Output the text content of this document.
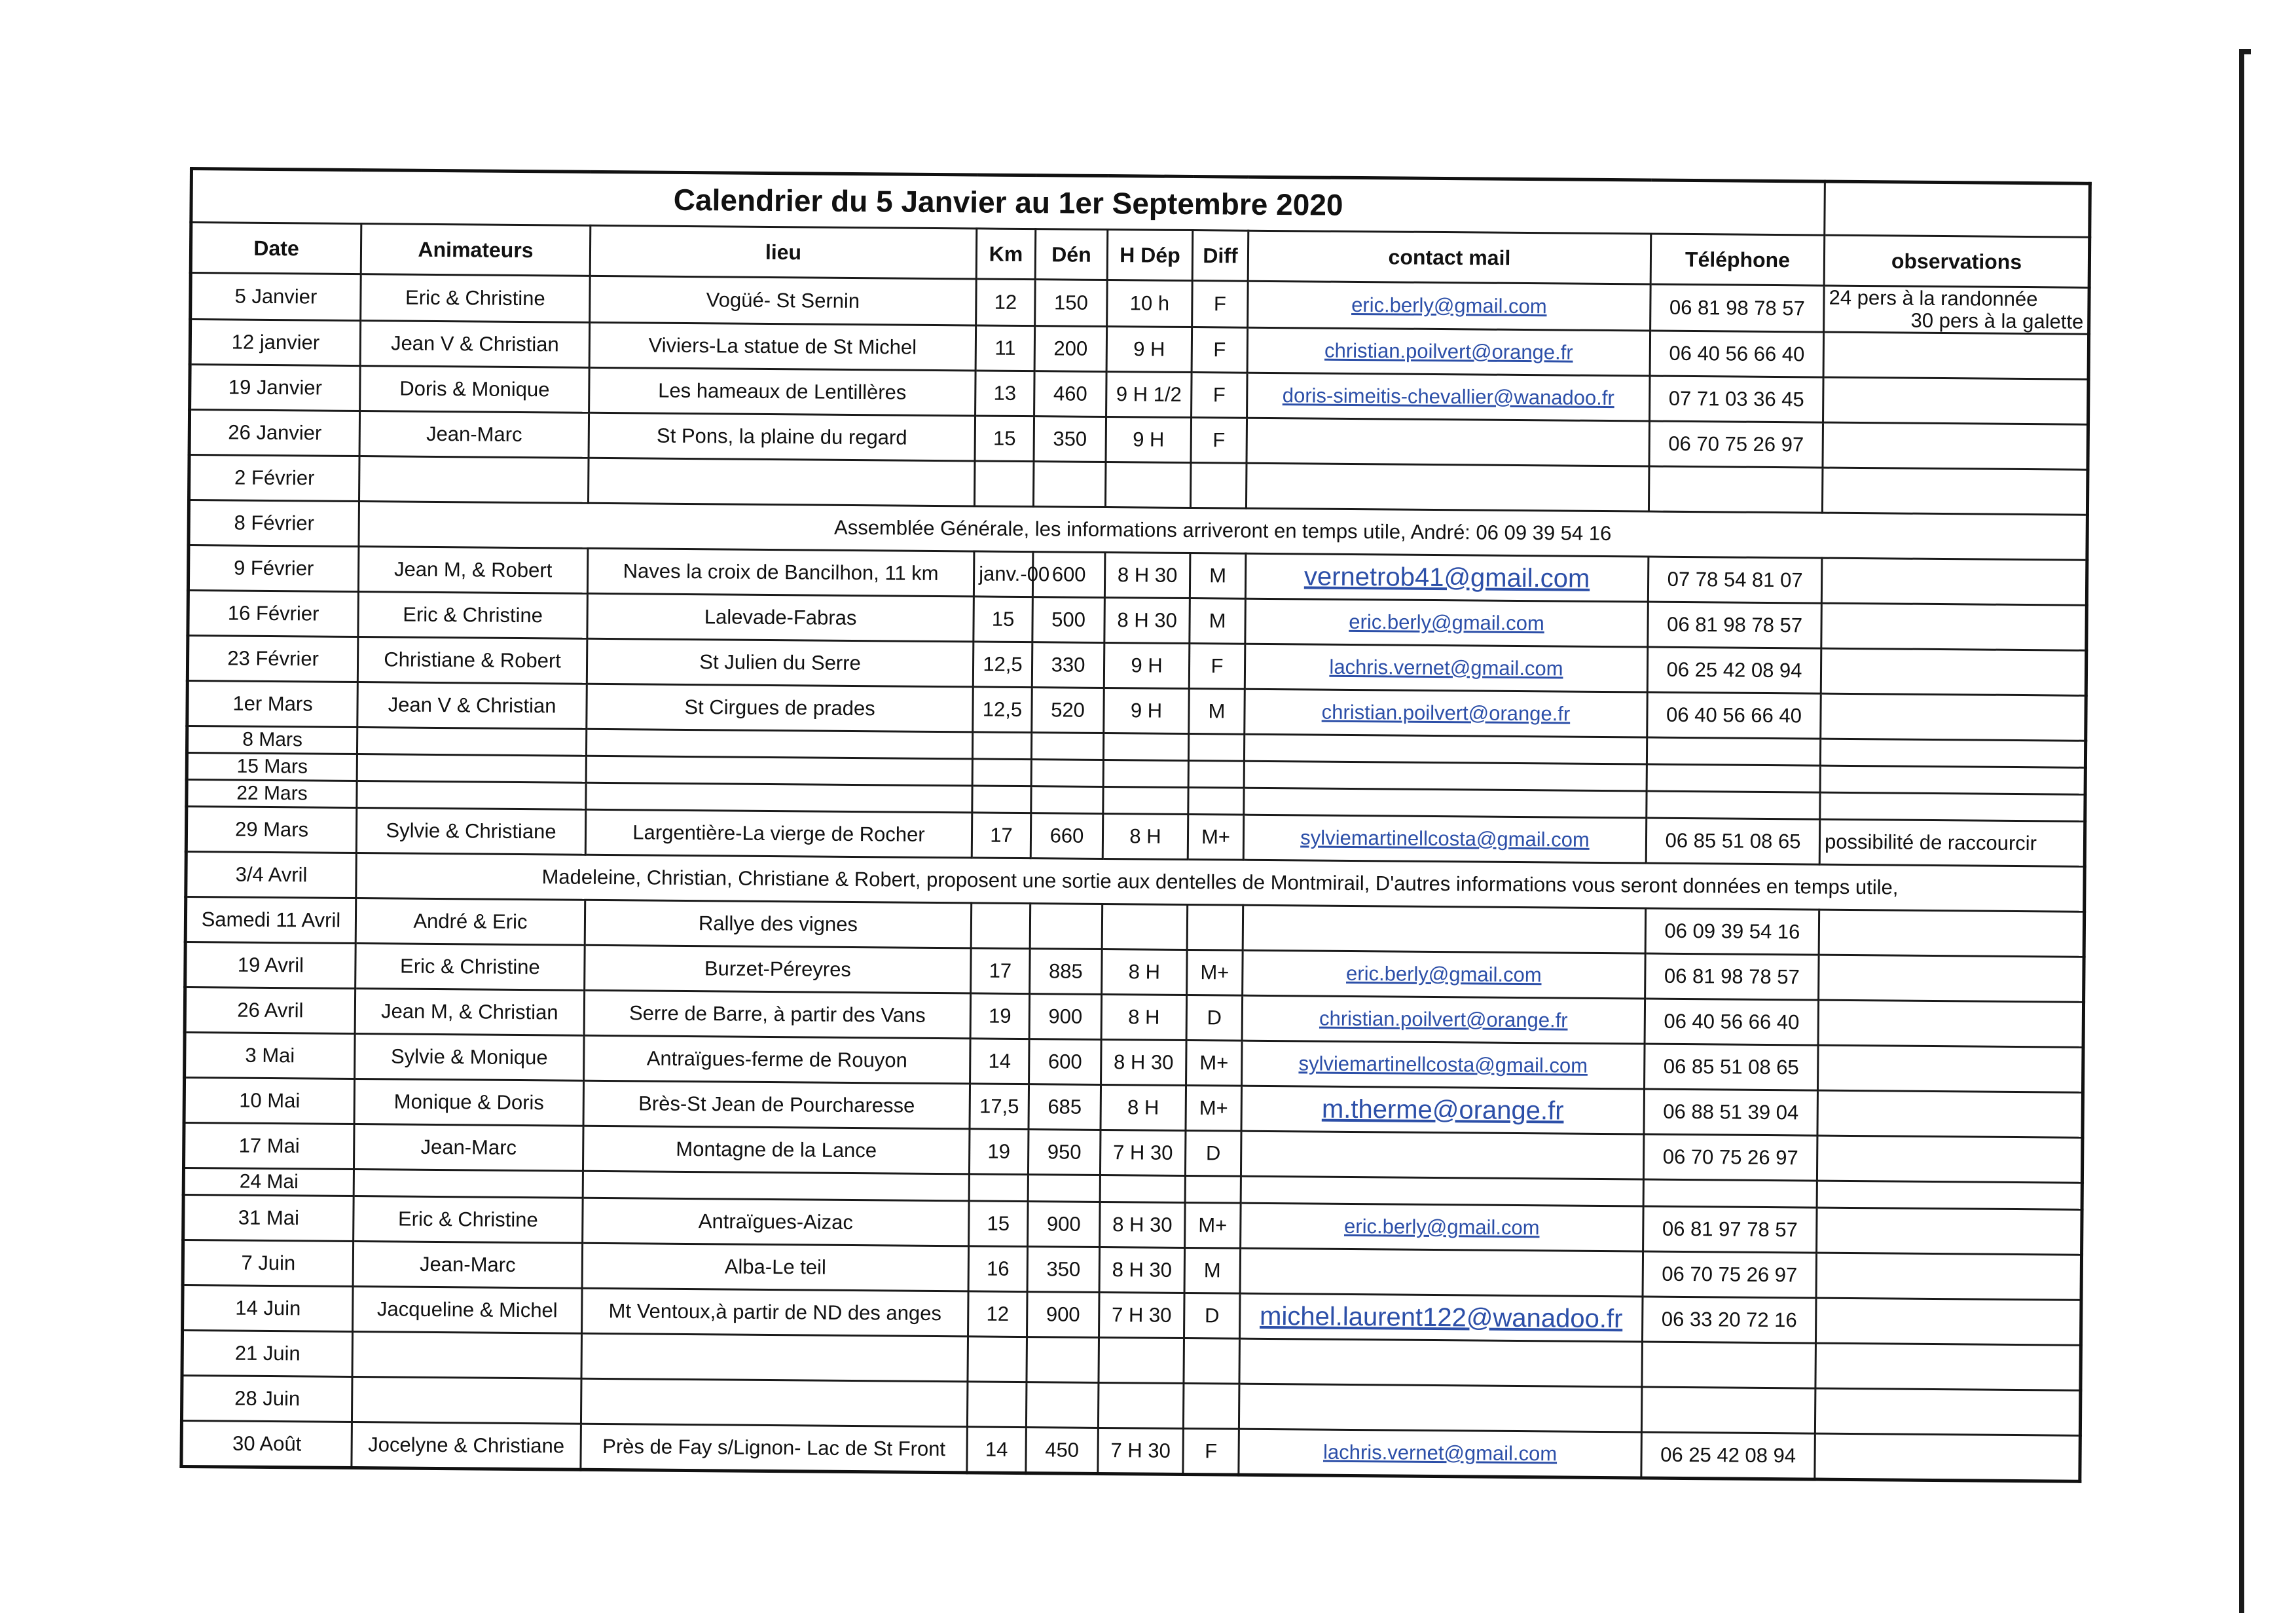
Calendrier du 5 Janvier au 1er Septembre 2020									
Date	Animateurs	lieu	Km	Dén	H Dép	Diff	contact mail	Téléphone	observations
5 Janvier	Eric & Christine	Vogüé- St Sernin	12	150	10 h	F	eric.berly@gmail.com	06 81 98 78 57	24 pers à la randonnée
30 pers à la galette

12 janvier	Jean V & Christian	Viviers-La statue de St Michel	11	200	9 H	F	christian.poilvert@orange.fr	06 40 56 66 40	
19 Janvier	Doris & Monique	Les hameaux de Lentillères	13	460	9 H 1/2	F	doris-simeitis-chevallier@wanadoo.fr	07 71 03 36 45	
26 Janvier	Jean-Marc	St Pons, la plaine du regard	15	350	9 H	F		06 70 75 26 97	
2 Février									
8 Février	Assemblée Générale, les informations arriveront en temps utile, André: 06 09 39 54 16								
9 Février	Jean M, & Robert	Naves la croix de Bancilhon, 11 km	janv.-00	600	8 H 30	M	vernetrob41@gmail.com	07 78 54 81 07	
16 Février	Eric & Christine	Lalevade-Fabras	15	500	8 H 30	M	eric.berly@gmail.com	06 81 98 78 57	
23 Février	Christiane & Robert	St Julien du Serre	12,5	330	9 H	F	lachris.vernet@gmail.com	06 25 42 08 94	
1er Mars	Jean V & Christian	St Cirgues de prades	12,5	520	9 H	M	christian.poilvert@orange.fr	06 40 56 66 40	
8 Mars									
15 Mars									
22 Mars									
29 Mars	Sylvie & Christiane	Largentière-La vierge de Rocher	17	660	8 H	M+	sylviemartinellcosta@gmail.com	06 85 51 08 65	possibilité de raccourcir

3/4 Avril	Madeleine, Christian, Christiane & Robert, proposent une sortie aux dentelles de Montmirail, D'autres informations vous seront données en temps utile,								
Samedi 11 Avril	André & Eric	Rallye des vignes						06 09 39 54 16	
19 Avril	Eric & Christine	Burzet-Péreyres	17	885	8 H	M+	eric.berly@gmail.com	06 81 98 78 57	
26 Avril	Jean M, & Christian	Serre de Barre, à partir des Vans	19	900	8 H	D	christian.poilvert@orange.fr	06 40 56 66 40	
3 Mai	Sylvie & Monique	Antraïgues-ferme de Rouyon	14	600	8 H 30	M+	sylviemartinellcosta@gmail.com	06 85 51 08 65	
10 Mai	Monique & Doris	Brès-St Jean de Pourcharesse	17,5	685	8 H	M+	m.therme@orange.fr	06 88 51 39 04	
17 Mai	Jean-Marc	Montagne de la Lance	19	950	7 H 30	D		06 70 75 26 97	
24 Mai									
31 Mai	Eric & Christine	Antraïgues-Aizac	15	900	8 H 30	M+	eric.berly@gmail.com	06 81 97 78 57	
7 Juin	Jean-Marc	Alba-Le teil	16	350	8 H 30	M		06 70 75 26 97	
14 Juin	Jacqueline & Michel	Mt Ventoux,à partir de ND des anges	12	900	7 H 30	D	michel.laurent122@wanadoo.fr	06 33 20 72 16	
21 Juin									
28 Juin									
30 Août	Jocelyne & Christiane	Près de Fay s/Lignon- Lac de St Front	14	450	7 H 30	F	lachris.vernet@gmail.com	06 25 42 08 94	
